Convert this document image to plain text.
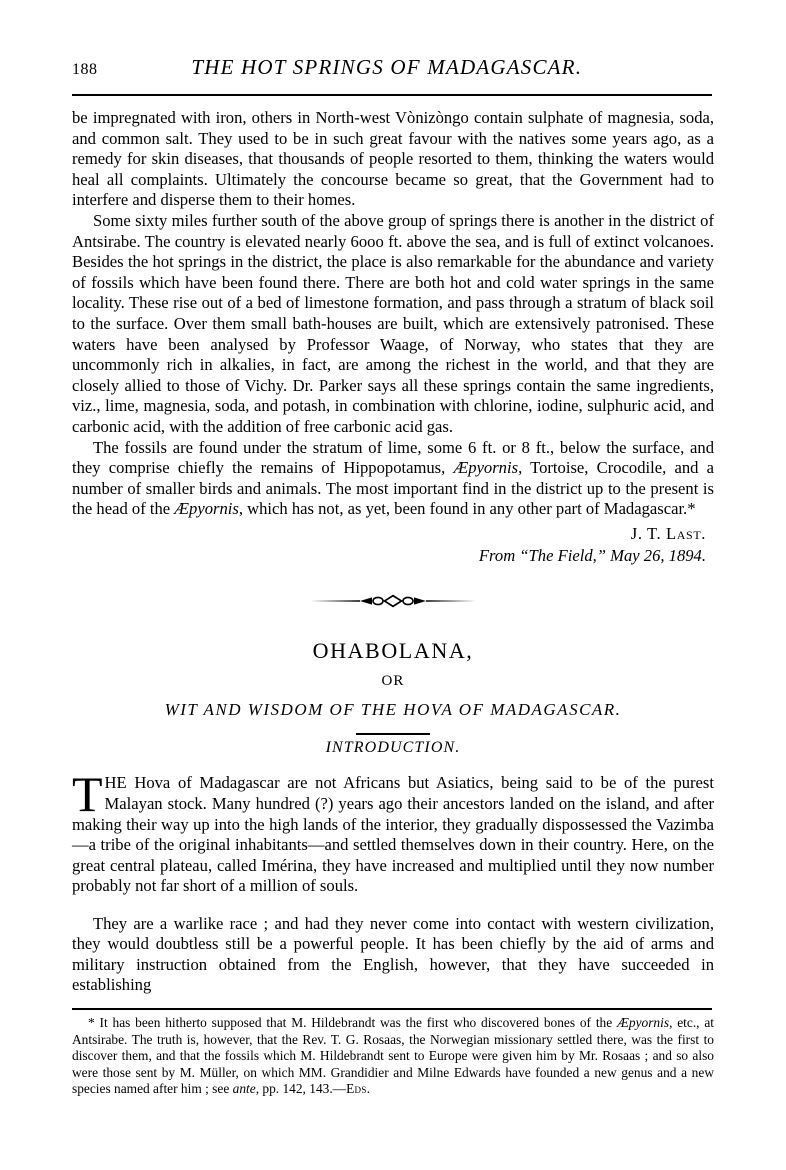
188	THE HOT SPRINGS OF MADAGASCAR.

be impregnated with iron, others in North-west Vònizòngo contain sulphate of magnesia, soda, and common salt. They used to be in such great favour with the natives some years ago, as a remedy for skin diseases, that thousands of people resorted to them, thinking the waters would heal all complaints. Ultimately the concourse became so great, that the Government had to interfere and disperse them to their homes.

Some sixty miles further south of the above group of springs there is another in the district of Antsirabe. The country is elevated nearly 6ooo ft. above the sea, and is full of extinct volcanoes. Besides the hot springs in the district, the place is also remarkable for the abundance and variety of fossils which have been found there. There are both hot and cold water springs in the same locality. These rise out of a bed of limestone formation, and pass through a stratum of black soil to the surface. Over them small bath-houses are built, which are extensively patronised. These waters have been analysed by Professor Waage, of Norway, who states that they are uncommonly rich in alkalies, in fact, are among the richest in the world, and that they are closely allied to those of Vichy. Dr. Parker says all these springs contain the same ingredients, viz., lime, magnesia, soda, and potash, in combination with chlorine, iodine, sulphuric acid, and carbonic acid, with the addition of free carbonic acid gas.

The fossils are found under the stratum of lime, some 6 ft. or 8 ft., below the surface, and they comprise chiefly the remains of Hippopotamus, Æpyornis, Tortoise, Crocodile, and a number of smaller birds and animals. The most important find in the district up to the present is the head of the Æpyornis, which has not, as yet, been found in any other part of Madagascar.*

J. T. Last.
From “The Field,” May 26, 1894.
OHABOLANA,
OR
WIT AND WISDOM OF THE HOVA OF MADAGASCAR.
INTRODUCTION.

THE Hova of Madagascar are not Africans but Asiatics, being said to be of the purest Malayan stock. Many hundred (?) years ago their ancestors landed on the island, and after making their way up into the high lands of the interior, they gradually dispossessed the Vazimba—a tribe of the original inhabitants—and settled themselves down in their country. Here, on the great central plateau, called Imérina, they have increased and multiplied until they now number probably not far short of a million of souls.

They are a warlike race ; and had they never come into contact with western civilization, they would doubtless still be a powerful people. It has been chiefly by the aid of arms and military instruction obtained from the English, however, that they have succeeded in establishing

* It has been hitherto supposed that M. Hildebrandt was the first who discovered bones of the Æpyornis, etc., at Antsirabe. The truth is, however, that the Rev. T. G. Rosaas, the Norwegian missionary settled there, was the first to discover them, and that the fossils which M. Hildebrandt sent to Europe were given him by Mr. Rosaas ; and so also were those sent by M. Müller, on which MM. Grandidier and Milne Edwards have founded a new genus and a new species named after him ; see ante, pp. 142, 143.—Eds.
